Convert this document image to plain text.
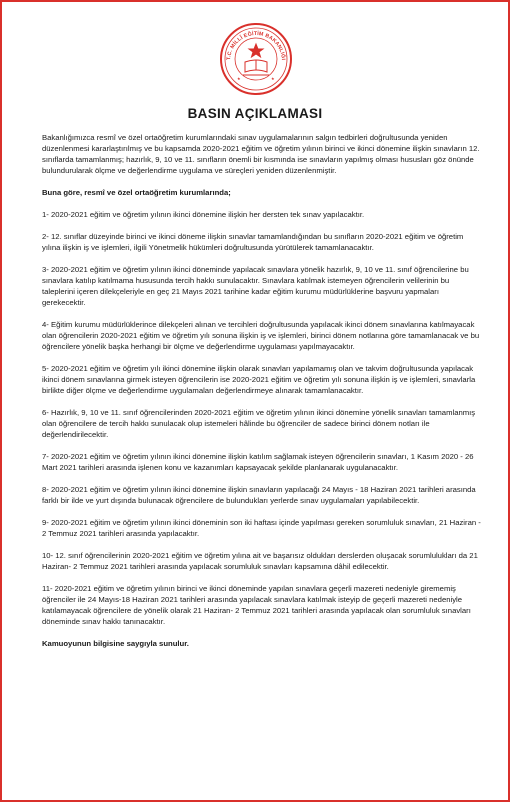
T.C. MİLLÎ EĞİTİM BAKANLIĞI
★	★
BASIN AÇIKLAMASI

Bakanlığımızca resmî ve özel ortaöğretim kurumlarındaki sınav uygulamalarının salgın tedbirleri doğrultusunda yeniden düzenlenmesi kararlaştırılmış ve bu kapsamda 2020-2021 eğitim ve öğretim yılının birinci ve ikinci dönemine ilişkin sınavların 12. sınıflarda tamamlanmış; hazırlık, 9, 10 ve 11. sınıfların önemli bir kısmında ise sınavların yapılmış olması hususları göz önünde bulundurularak ölçme ve değerlendirme uygulama ve süreçleri yeniden düzenlenmiştir.

Buna göre, resmî ve özel ortaöğretim kurumlarında;

1- 2020-2021 eğitim ve öğretim yılının ikinci dönemine ilişkin her dersten tek sınav yapılacaktır.

2- 12. sınıflar düzeyinde birinci ve ikinci döneme ilişkin sınavlar tamamlandığından bu sınıfların 2020-2021 eğitim ve öğretim yılına ilişkin iş ve işlemleri, ilgili Yönetmelik hükümleri doğrultusunda yürütülerek tamamlanacaktır.

3- 2020-2021 eğitim ve öğretim yılının ikinci döneminde yapılacak sınavlara yönelik hazırlık, 9, 10 ve 11. sınıf öğrencilerine bu sınavlara katılıp katılmama hususunda tercih hakkı sunulacaktır. Sınavlara katılmak istemeyen öğrencilerin velilerinin bu taleplerini içeren dilekçeleriyle en geç 21 Mayıs 2021 tarihine kadar eğitim kurumu müdürlüklerine başvuru yapmaları gerekecektir.

4- Eğitim kurumu müdürlüklerince dilekçeleri alınan ve tercihleri doğrultusunda yapılacak ikinci dönem sınavlarına katılmayacak olan öğrencilerin 2020-2021 eğitim ve öğretim yılı sonuna ilişkin iş ve işlemleri, birinci dönem notlarına göre tamamlanacak ve bu öğrencilere yönelik başka herhangi bir ölçme ve değerlendirme uygulaması yapılmayacaktır.

5- 2020-2021 eğitim ve öğretim yılı ikinci dönemine ilişkin olarak sınavları yapılamamış olan ve takvim doğrultusunda yapılacak ikinci dönem sınavlarına girmek isteyen öğrencilerin ise 2020-2021 eğitim ve öğretim yılı sonuna ilişkin iş ve işlemleri, sınavlarla birlikte diğer ölçme ve değerlendirme uygulamaları değerlendirmeye alınarak tamamlanacaktır.

6- Hazırlık, 9, 10 ve 11. sınıf öğrencilerinden 2020-2021 eğitim ve öğretim yılının ikinci dönemine yönelik sınavları tamamlanmış olan öğrencilere de tercih hakkı sunulacak olup istemeleri hâlinde bu öğrenciler de sadece birinci dönem notları ile değerlendirilecektir.

7- 2020-2021 eğitim ve öğretim yılının ikinci dönemine ilişkin katılım sağlamak isteyen öğrencilerin sınavları, 1 Kasım 2020 - 26 Mart 2021 tarihleri arasında işlenen konu ve kazanımları kapsayacak şekilde planlanarak uygulanacaktır.

8- 2020-2021 eğitim ve öğretim yılının ikinci dönemine ilişkin sınavların yapılacağı 24 Mayıs - 18 Haziran 2021 tarihleri arasında farklı bir ilde ve yurt dışında bulunacak öğrencilere de bulundukları yerlerde sınav uygulamaları yapılabilecektir.

9- 2020-2021 eğitim ve öğretim yılının ikinci döneminin son iki haftası içinde yapılması gereken sorumluluk sınavları, 21 Haziran - 2 Temmuz 2021 tarihleri arasında yapılacaktır.

10- 12. sınıf öğrencilerinin 2020-2021 eğitim ve öğretim yılına ait ve başarısız oldukları derslerden oluşacak sorumlulukları da 21 Haziran- 2 Temmuz 2021 tarihleri arasında yapılacak sorumluluk sınavları kapsamına dâhil edilecektir.

11- 2020-2021 eğitim ve öğretim yılının birinci ve ikinci döneminde yapılan sınavlara geçerli mazereti nedeniyle girememiş öğrenciler ile 24 Mayıs-18 Haziran 2021 tarihleri arasında yapılacak sınavlara katılmak isteyip de geçerli mazereti nedeniyle katılamayacak öğrencilere de yönelik olarak 21 Haziran- 2 Temmuz 2021 tarihleri arasında yapılacak olan sorumluluk sınavları döneminde sınav hakkı tanınacaktır.

Kamuoyunun bilgisine saygıyla sunulur.
